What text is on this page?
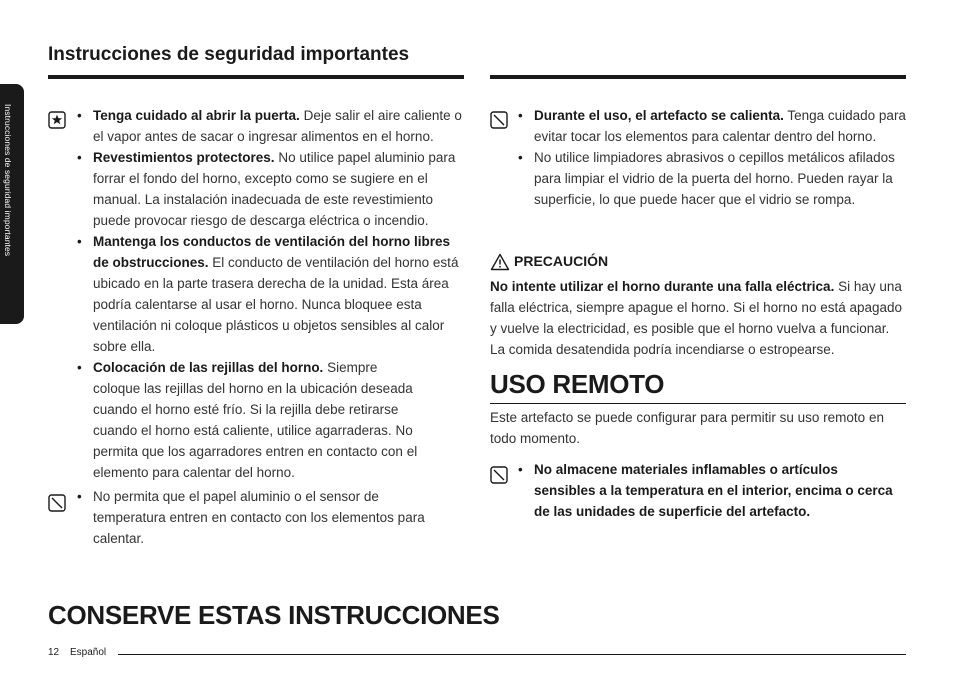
Instrucciones de seguridad importantes
Instrucciones de seguridad importantes
• Tenga cuidado al abrir la puerta. Deje salir el aire caliente o el vapor antes de sacar o ingresar alimentos en el horno.
• Revestimientos protectores. No utilice papel aluminio para forrar el fondo del horno, excepto como se sugiere en el manual. La instalación inadecuada de este revestimiento puede provocar riesgo de descarga eléctrica o incendio.
• Mantenga los conductos de ventilación del horno libres de obstrucciones. El conducto de ventilación del horno está ubicado en la parte trasera derecha de la unidad. Esta área podría calentarse al usar el horno. Nunca bloquee esta ventilación ni coloque plásticos u objetos sensibles al calor sobre ella.
• Colocación de las rejillas del horno. Siempre coloque las rejillas del horno en la ubicación deseada cuando el horno esté frío. Si la rejilla debe retirarse cuando el horno está caliente, utilice agarraderas. No permita que los agarradores entren en contacto con el elemento para calentar del horno.
• No permita que el papel aluminio o el sensor de temperatura entren en contacto con los elementos para calentar.
• Durante el uso, el artefacto se calienta. Tenga cuidado para evitar tocar los elementos para calentar dentro del horno.
• No utilice limpiadores abrasivos o cepillos metálicos afilados para limpiar el vidrio de la puerta del horno. Pueden rayar la superficie, lo que puede hacer que el vidrio se rompa.
PRECAUCIÓN
No intente utilizar el horno durante una falla eléctrica. Si hay una falla eléctrica, siempre apague el horno. Si el horno no está apagado y vuelve la electricidad, es posible que el horno vuelva a funcionar. La comida desatendida podría incendiarse o estropearse.
USO REMOTO
Este artefacto se puede configurar para permitir su uso remoto en todo momento.
• No almacene materiales inflamables o artículos sensibles a la temperatura en el interior, encima o cerca de las unidades de superficie del artefacto.
CONSERVE ESTAS INSTRUCCIONES
12 Español
